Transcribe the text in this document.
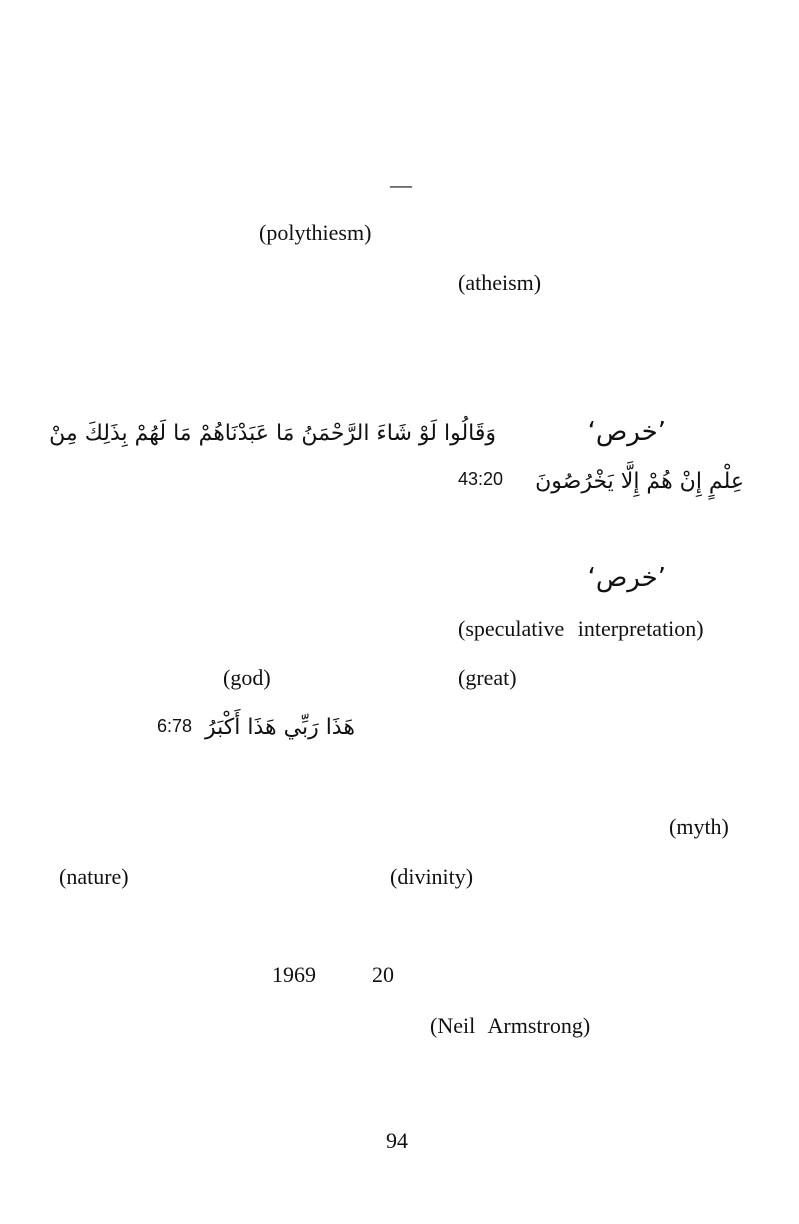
—
(polythiesm)
(atheism)
’خرص‘
وَقَالُوا لَوْ شَاءَ الرَّحْمَنُ مَا عَبَدْنَاهُمْ مَا لَهُمْ بِذَلِكَ مِنْ
43:20 عِلْمٍ إِنْ هُمْ إِلَّا يَخْرُصُونَ
’خرص‘
(speculative interpretation)
(god)	(great)
6:78 هَذَا رَبِّي هَذَا أَكْبَرُ
(myth)
(nature)	(divinity)
1969	20
(Neil Armstrong)
94
